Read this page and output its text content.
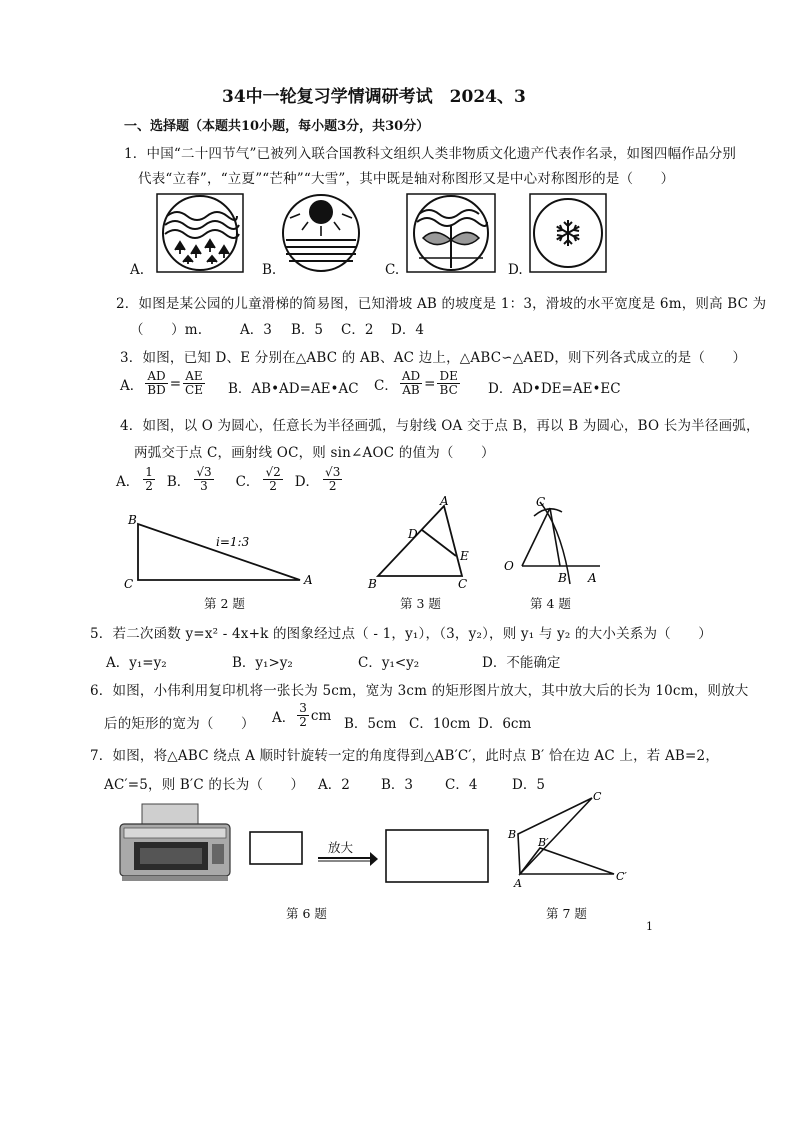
34中一轮复习学情调研考试　2024、3
一、选择题（本题共10小题，每小题3分，共30分）
1．中国“二十四节气”已被列入联合国教科文组织人类非物质文化遗产代表作名录，如图四幅作品分别
代表“立春”，“立夏”“芒种”“大雪”，其中既是轴对称图形又是中心对称图形的是（　　）
A.	B.	C.	D.
2．如图是某公园的儿童滑梯的简易图，已知滑坡 AB 的坡度是 1：3，滑坡的水平宽度是 6m，则高 BC 为
（　　）m.	A．3 B．5 C．2 D．4
3．如图，已知 D、E 分别在△ABC 的 AB、AC 边上，△ABC∽△AED，则下列各式成立的是（　　）
A． $\frac{AD}{BD} = \frac{AE}{CE}$ B．AB•AD=AE•AC C． $\frac{AD}{AB} = \frac{DE}{BC}$ D．AD•DE=AE•EC
4．如图，以 O 为圆心，任意长为半径画弧，与射线 OA 交于点 B，再以 B 为圆心，BO 长为半径画弧，
两弧交于点 C，画射线 OC，则 sin∠AOC 的值为（　　）
A． $\frac{1}{2}$ B． $\frac{√3}{3}$ C． $\frac{√2}{2}$ D． $\frac{√3}{2}$
B
C	A
i=1:3
第 2 题
A
D
E
B	C
第 3 题
C
O
B A
第 4 题
5．若二次函数 y=x² - 4x+k 的图象经过点（ - 1，y₁），（3，y₂），则 y₁ 与 y₂ 的大小关系为（　　）
A．y₁=y₂	B．y₁>y₂	C．y₁<y₂	D．不能确定
6．如图，小伟利用复印机将一张长为 5cm，宽为 3cm 的矩形图片放大，其中放大后的长为 10cm，则放大
后的矩形的宽为（　　） A． $\frac{3}{2}$ cm
B．5cm C．10cm D．6cm
7．如图，将△ABC 绕点 A 顺时针旋转一定的角度得到△AB′C′，此时点 B′ 恰在边 AC 上，若 AB=2，
AC′=5，则 B′C 的长为（　　） A．2 B．3 C．4	D．5
放大
第 6 题
C
B
B′
A
C′
第 7 题
1
